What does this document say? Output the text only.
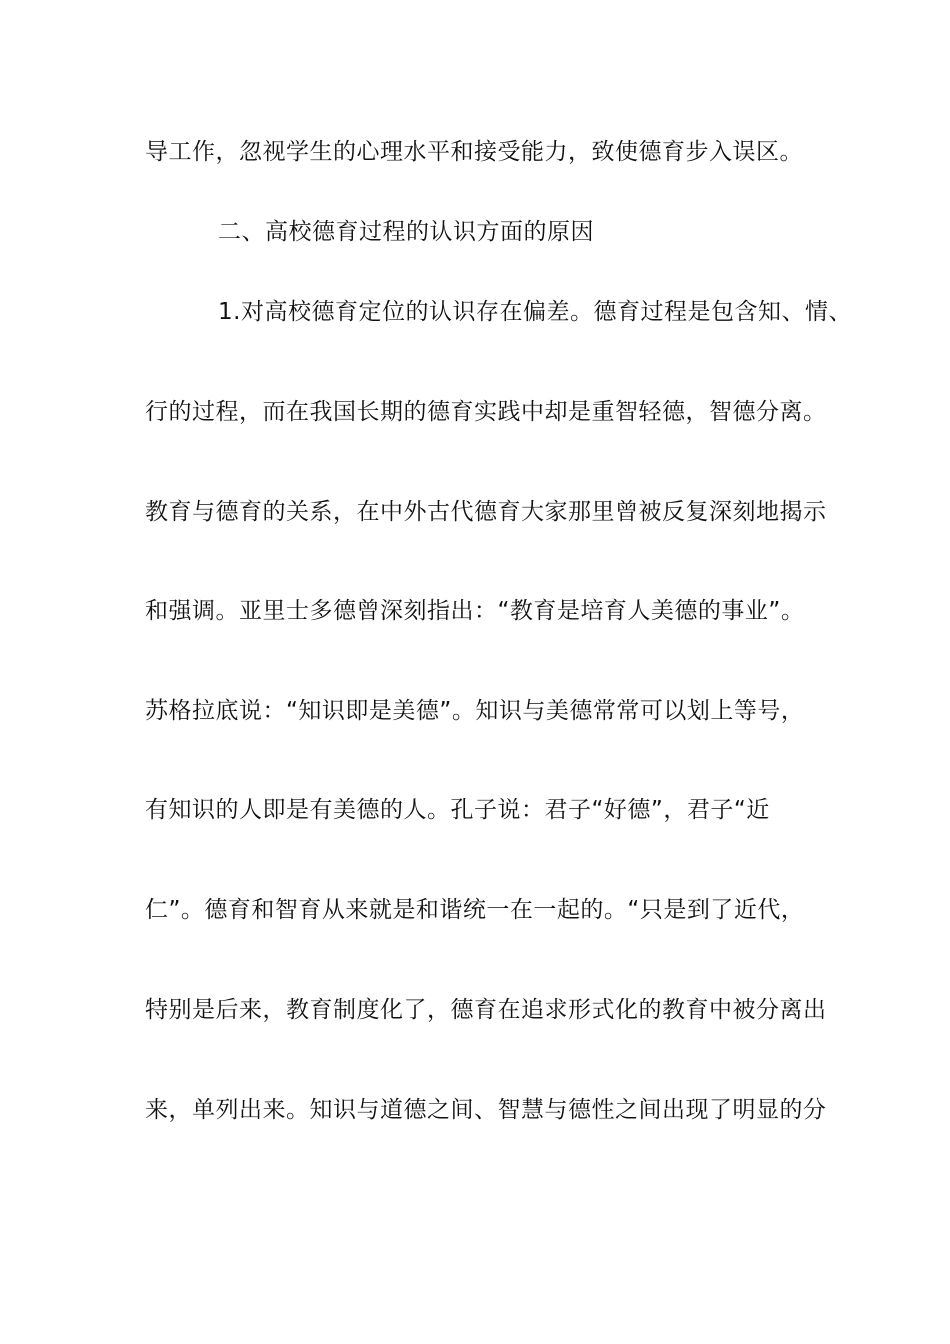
导工作，忽视学生的心理水平和接受能力，致使德育步入误区。
二、高校德育过程的认识方面的原因
1.对高校德育定位的认识存在偏差。德育过程是包含知、情、
行的过程，而在我国长期的德育实践中却是重智轻德，智德分离。
教育与德育的关系，在中外古代德育大家那里曾被反复深刻地揭示
和强调。亚里士多德曾深刻指出：“教育是培育人美德的事业”。
苏格拉底说：“知识即是美德”。知识与美德常常可以划上等号，
有知识的人即是有美德的人。孔子说：君子“好德”，君子“近
仁”。德育和智育从来就是和谐统一在一起的。“只是到了近代，
特别是后来，教育制度化了，德育在追求形式化的教育中被分离出
来，单列出来。知识与道德之间、智慧与德性之间出现了明显的分
